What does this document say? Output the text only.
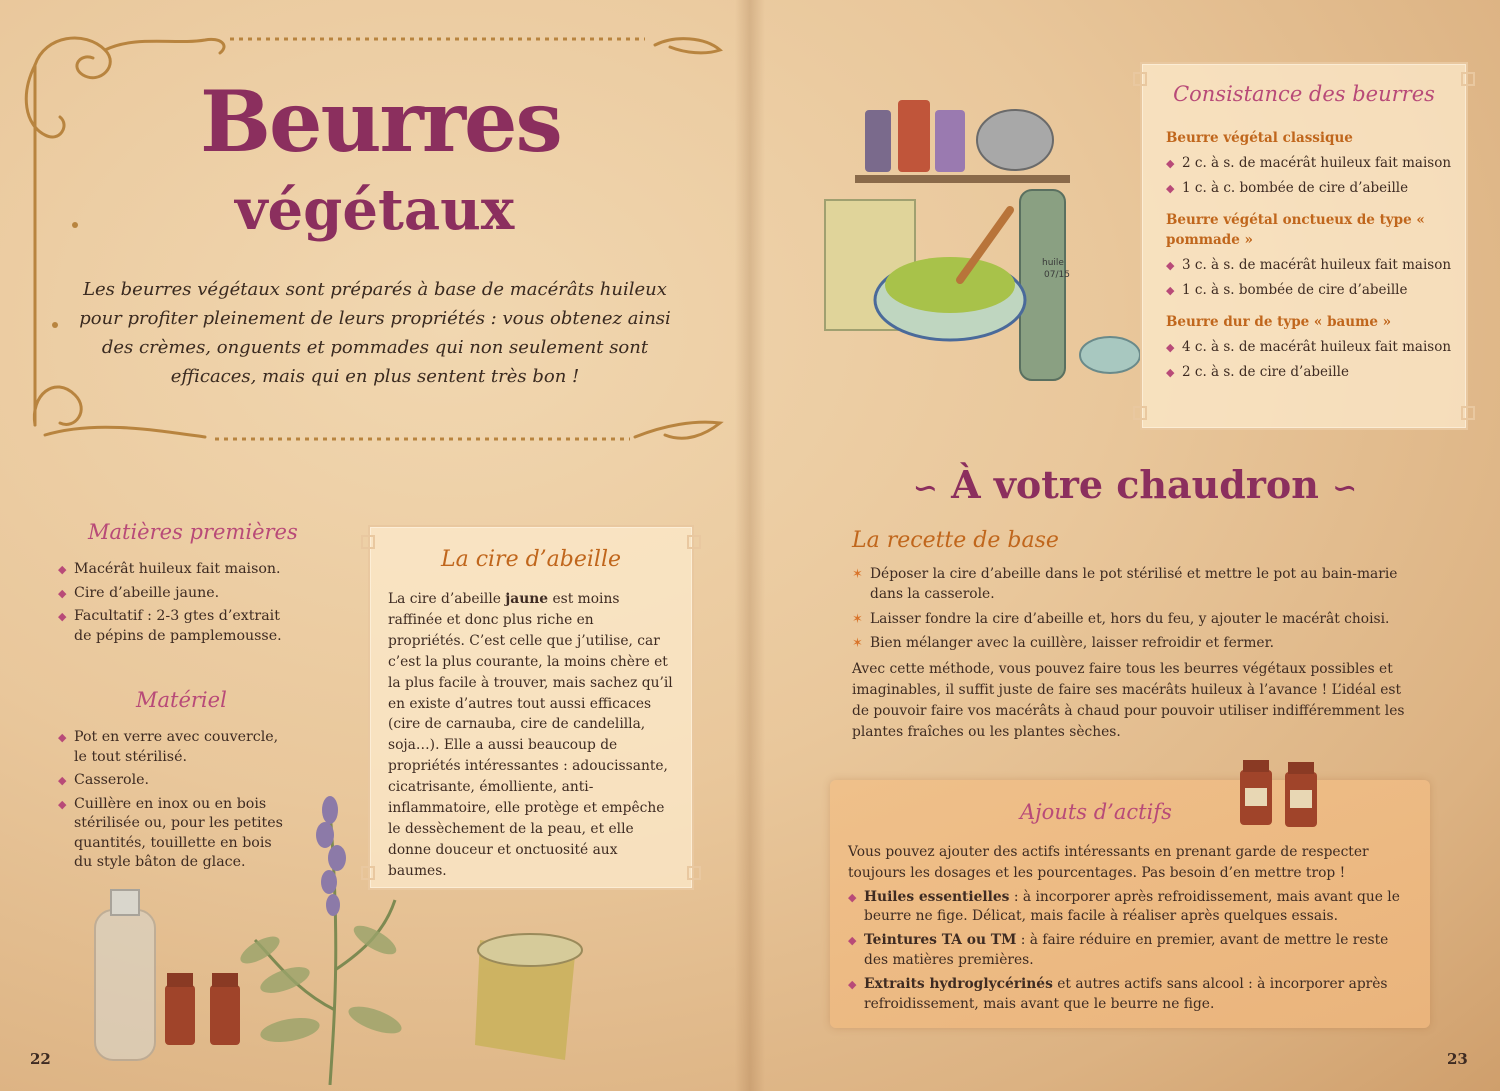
Beurres
végétaux
Les beurres végétaux sont préparés à base de macérâts huileux pour profiter pleinement de leurs propriétés : vous obtenez ainsi des crèmes, onguents et pommades qui non seulement sont efficaces, mais qui en plus sentent très bon !
Matières premières
◆ Macérât huileux fait maison.
◆ Cire d’abeille jaune.
◆ Facultatif : 2-3 gtes d’extrait de pépins de pamplemousse.
Matériel
◆ Pot en verre avec couvercle, le tout stérilisé.
◆ Casserole.
◆ Cuillère en inox ou en bois stérilisée ou, pour les petites quantités, touillette en bois du style bâton de glace.
La cire d’abeille
La cire d’abeille jaune est moins raffinée et donc plus riche en propriétés. C’est celle que j’utilise, car c’est la plus courante, la moins chère et la plus facile à trouver, mais sachez qu’il en existe d’autres tout aussi efficaces (cire de carnauba, cire de candelilla, soja…). Elle a aussi beaucoup de propriétés intéressantes : adoucissante, cicatrisante, émolliente, anti-inflammatoire, elle protège et empêche le dessèchement de la peau, et elle donne douceur et onctuosité aux baumes.
22
huile
07/15
Consistance des beurres
Beurre végétal classique
◆ 2 c. à s. de macérât huileux fait maison
◆ 1 c. à c. bombée de cire d’abeille
Beurre végétal onctueux de type « pommade »
◆ 3 c. à s. de macérât huileux fait maison
◆ 1 c. à s. bombée de cire d’abeille
Beurre dur de type « baume »
◆ 4 c. à s. de macérât huileux fait maison
◆ 2 c. à s. de cire d’abeille
∽ À votre chaudron ∽
La recette de base
✶ Déposer la cire d’abeille dans le pot stérilisé et mettre le pot au bain-marie dans la casserole.
✶ Laisser fondre la cire d’abeille et, hors du feu, y ajouter le macérât choisi.
✶ Bien mélanger avec la cuillère, laisser refroidir et fermer.
Avec cette méthode, vous pouvez faire tous les beurres végétaux possibles et imaginables, il suffit juste de faire ses macérâts huileux à l’avance ! L’idéal est de pouvoir faire vos macérâts à chaud pour pouvoir utiliser indifféremment les plantes fraîches ou les plantes sèches.
Ajouts d’actifs
Vous pouvez ajouter des actifs intéressants en prenant garde de respecter toujours les dosages et les pourcentages. Pas besoin d’en mettre trop !
◆ Huiles essentielles : à incorporer après refroidissement, mais avant que le beurre ne fige. Délicat, mais facile à réaliser après quelques essais.
◆ Teintures TA ou TM : à faire réduire en premier, avant de mettre le reste des matières premières.
◆ Extraits hydroglycérinés et autres actifs sans alcool : à incorporer après refroidissement, mais avant que le beurre ne fige.
23
